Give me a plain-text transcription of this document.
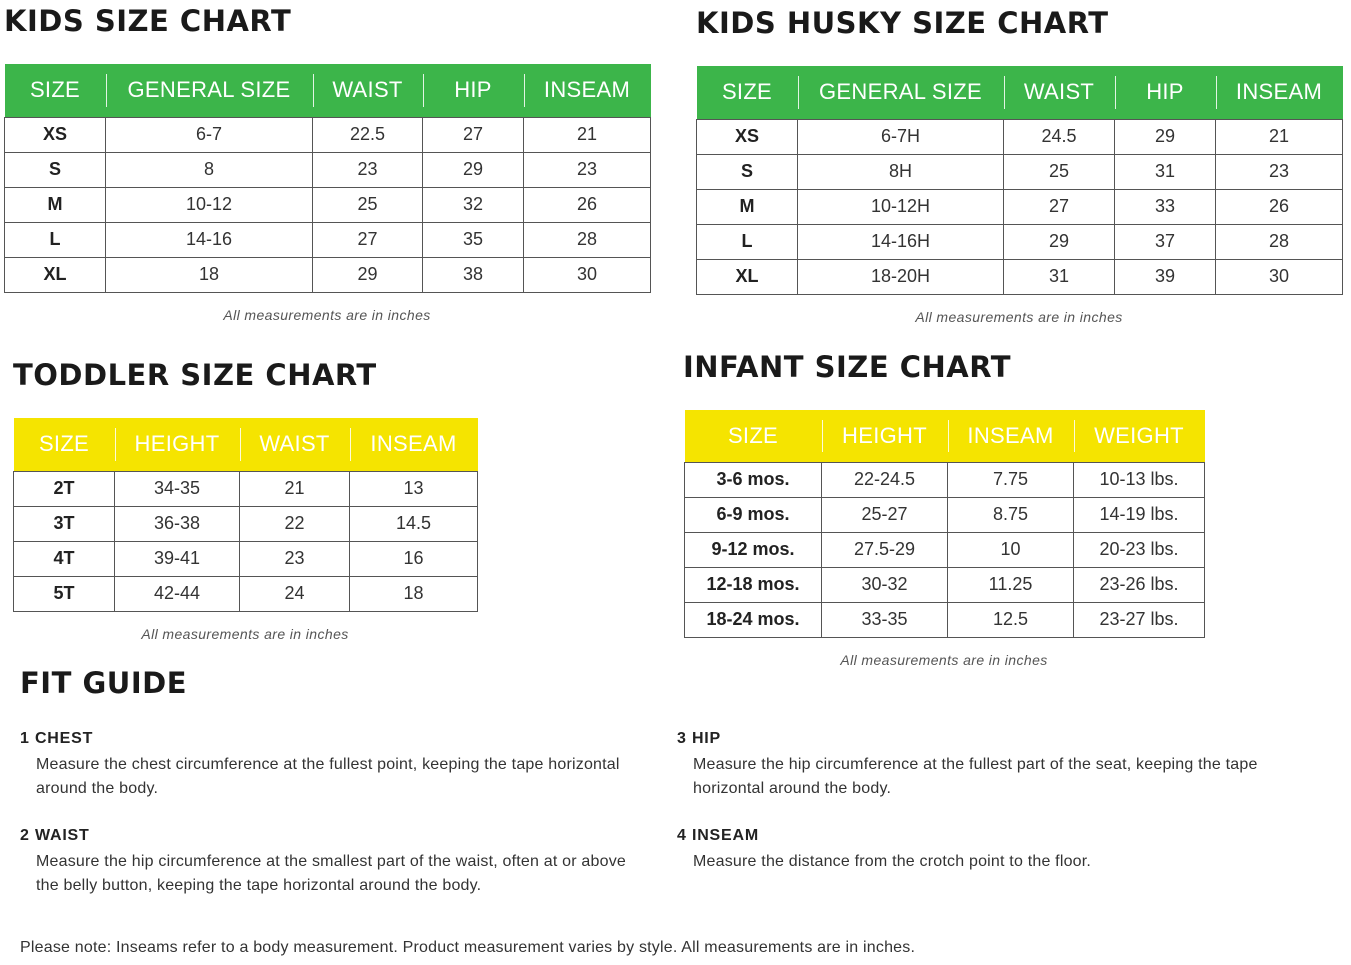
KIDS SIZE CHART
SIZE	GENERAL SIZE	WAIST	HIP	INSEAM
XS	6-7	22.5	27	21
S	8	23	29	23
M	10-12	25	32	26
L	14-16	27	35	28
XL	18	29	38	30
All measurements are in inches
KIDS HUSKY SIZE CHART
SIZE	GENERAL SIZE	WAIST	HIP	INSEAM
XS	6-7H	24.5	29	21
S	8H	25	31	23
M	10-12H	27	33	26
L	14-16H	29	37	28
XL	18-20H	31	39	30
All measurements are in inches
TODDLER SIZE CHART
SIZE	HEIGHT	WAIST	INSEAM
2T	34-35	21	13
3T	36-38	22	14.5
4T	39-41	23	16
5T	42-44	24	18
All measurements are in inches
INFANT SIZE CHART
SIZE	HEIGHT	INSEAM	WEIGHT
3-6 mos.	22-24.5	7.75	10-13 lbs.
6-9 mos.	25-27	8.75	14-19 lbs.
9-12 mos.	27.5-29	10	20-23 lbs.
12-18 mos.	30-32	11.25	23-26 lbs.
18-24 mos.	33-35	12.5	23-27 lbs.
All measurements are in inches
FIT GUIDE

1 CHEST

Measure the chest circumference at the fullest point, keeping the tape horizontal around the body.

2 WAIST

Measure the hip circumference at the smallest part of the waist, often at or above the belly button, keeping the tape horizontal around the body.

3 HIP

Measure the hip circumference at the fullest part of the seat, keeping the tape horizontal around the body.

4 INSEAM

Measure the distance from the crotch point to the floor.

Please note: Inseams refer to a body measurement. Product measurement varies by style. All measurements are in inches.
